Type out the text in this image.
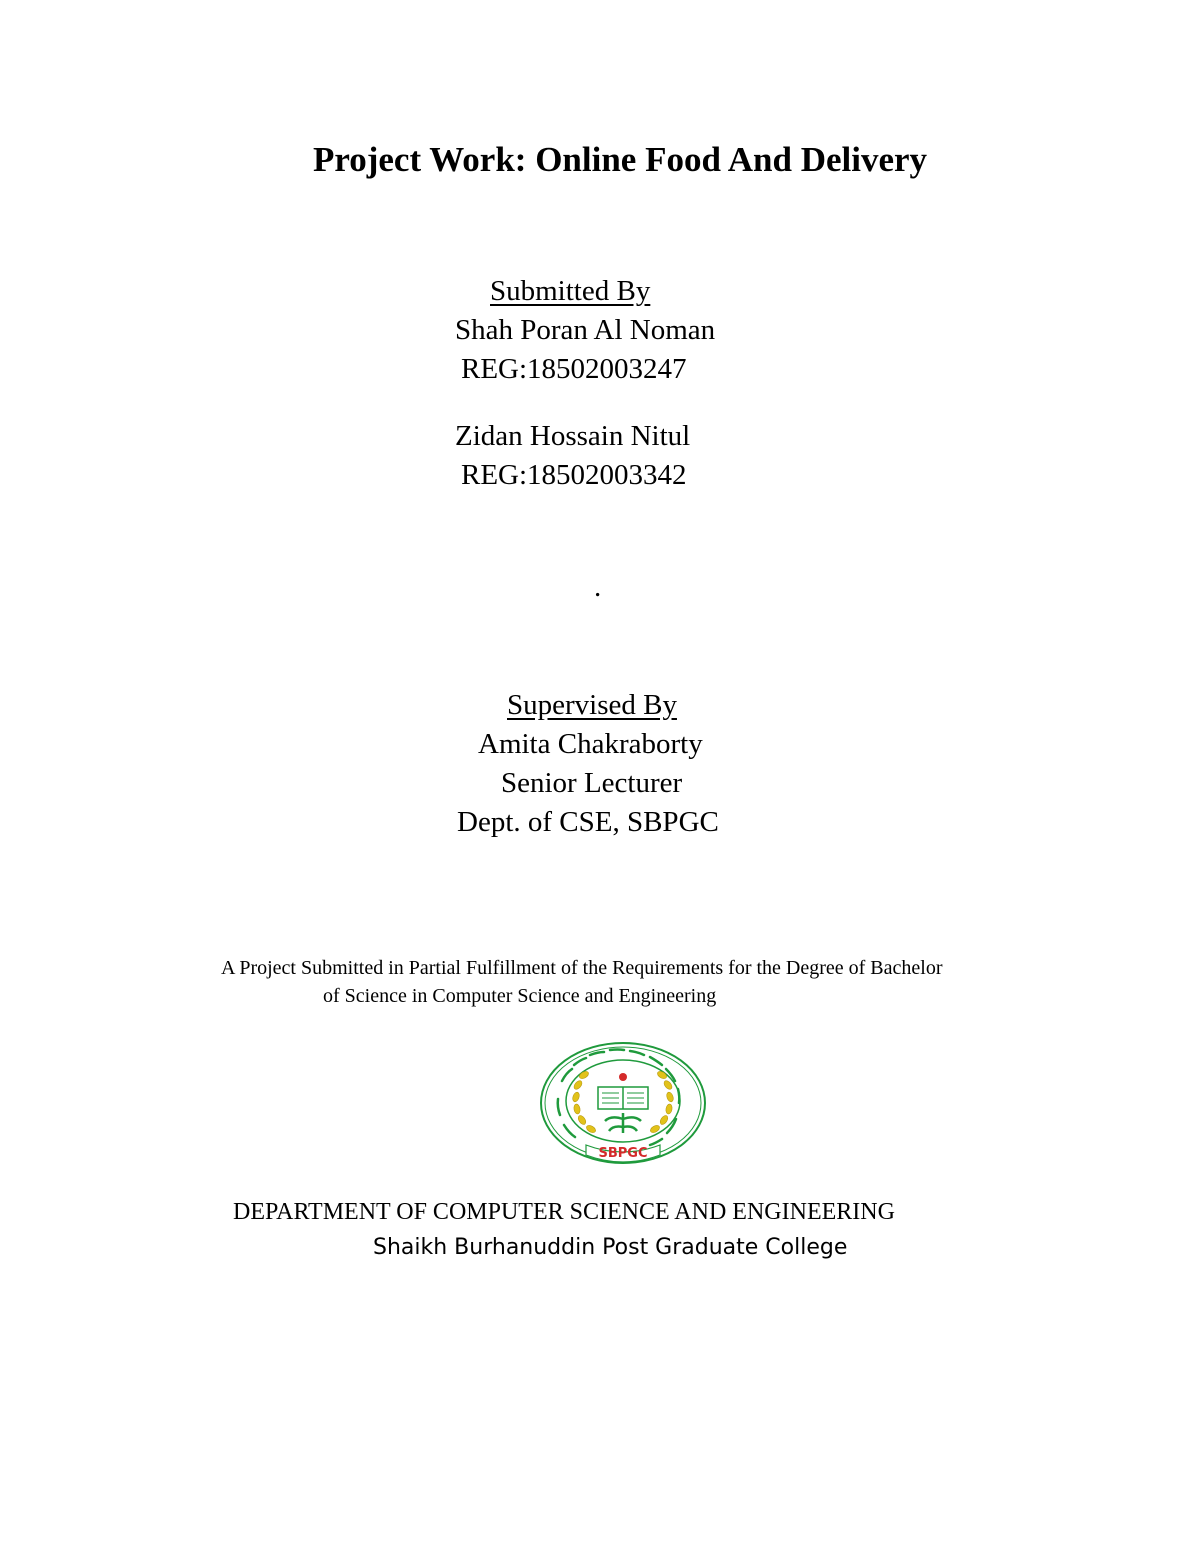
Project Work: Online Food And Delivery
Submitted By
Shah Poran Al Noman
REG:18502003247
Zidan Hossain Nitul
REG:18502003342
.
Supervised By
Amita Chakraborty
Senior Lecturer
Dept. of CSE, SBPGC
A Project Submitted in Partial Fulfillment of the Requirements for the Degree of Bachelor
of Science in Computer Science and Engineering
SBPGC
DEPARTMENT OF COMPUTER SCIENCE AND ENGINEERING
Shaikh Burhanuddin Post Graduate College
